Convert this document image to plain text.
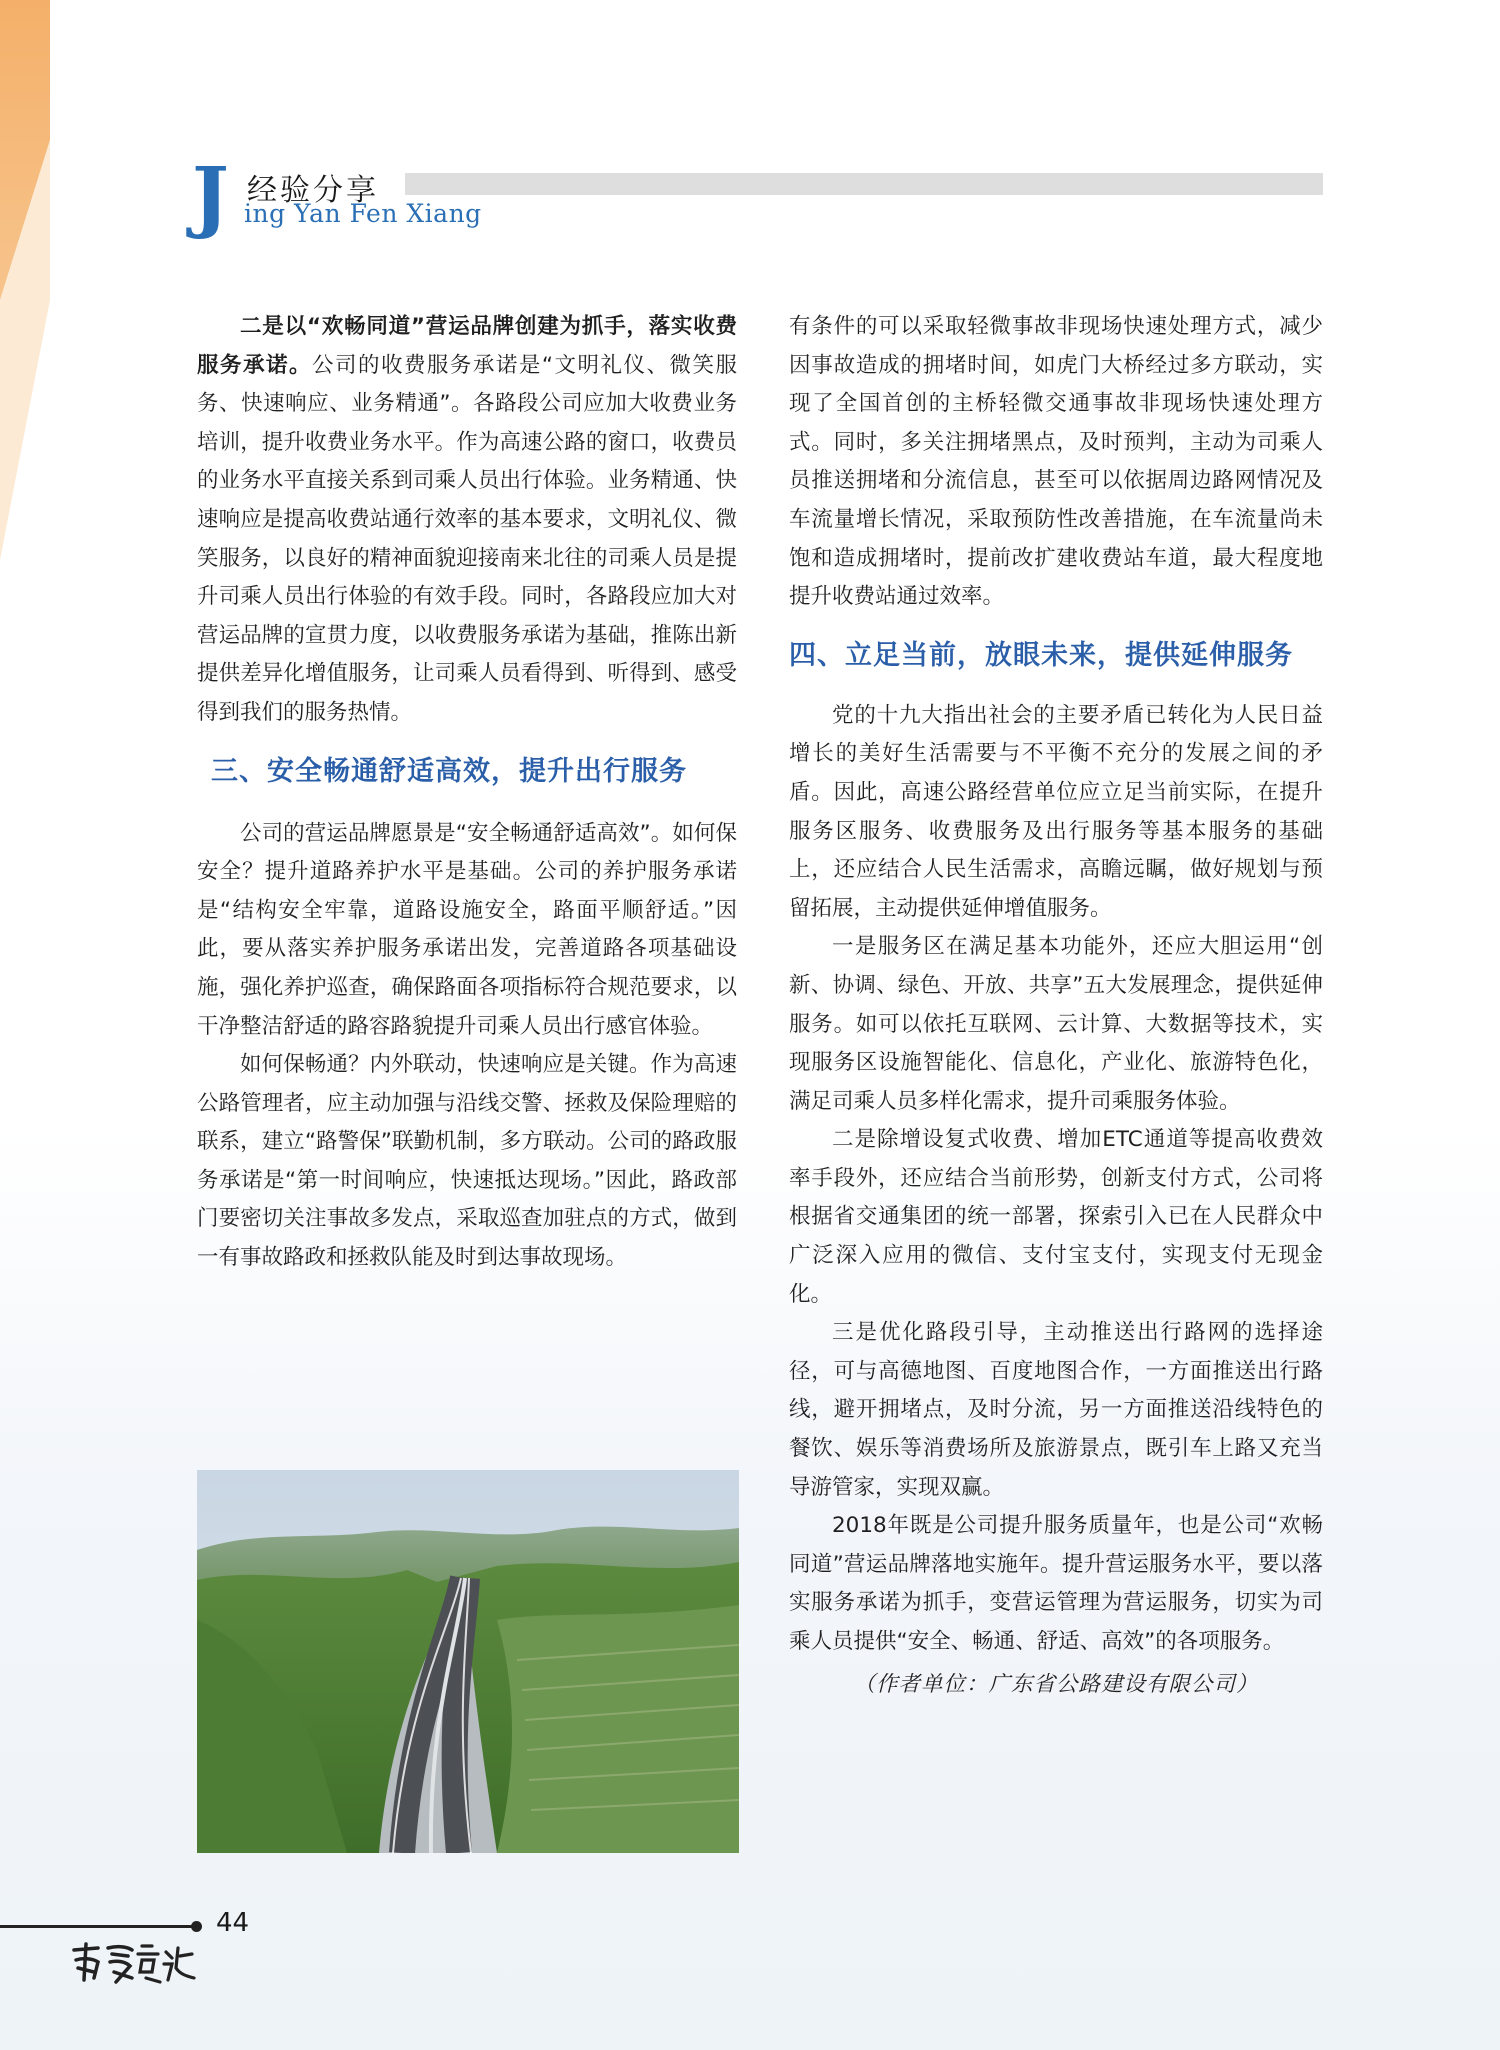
J 经验分享
ing Yan Fen Xiang

二是以“欢畅同道”营运品牌创建为抓手，落实收费服务承诺。公司的收费服务承诺是“文明礼仪、微笑服务、快速响应、业务精通”。各路段公司应加大收费业务培训，提升收费业务水平。作为高速公路的窗口，收费员的业务水平直接关系到司乘人员出行体验。业务精通、快速响应是提高收费站通行效率的基本要求，文明礼仪、微笑服务，以良好的精神面貌迎接南来北往的司乘人员是提升司乘人员出行体验的有效手段。同时，各路段应加大对营运品牌的宣贯力度，以收费服务承诺为基础，推陈出新提供差异化增值服务，让司乘人员看得到、听得到、感受得到我们的服务热情。

三、安全畅通舒适高效，提升出行服务

公司的营运品牌愿景是“安全畅通舒适高效”。如何保安全？提升道路养护水平是基础。公司的养护服务承诺是“结构安全牢靠，道路设施安全，路面平顺舒适。”因此，要从落实养护服务承诺出发，完善道路各项基础设施，强化养护巡查，确保路面各项指标符合规范要求，以干净整洁舒适的路容路貌提升司乘人员出行感官体验。

如何保畅通？内外联动，快速响应是关键。作为高速公路管理者，应主动加强与沿线交警、拯救及保险理赔的联系，建立“路警保”联勤机制，多方联动。公司的路政服务承诺是“第一时间响应，快速抵达现场。”因此，路政部门要密切关注事故多发点，采取巡查加驻点的方式，做到一有事故路政和拯救队能及时到达事故现场。

有条件的可以采取轻微事故非现场快速处理方式，减少因事故造成的拥堵时间，如虎门大桥经过多方联动，实现了全国首创的主桥轻微交通事故非现场快速处理方式。同时，多关注拥堵黑点，及时预判，主动为司乘人员推送拥堵和分流信息，甚至可以依据周边路网情况及车流量增长情况，采取预防性改善措施，在车流量尚未饱和造成拥堵时，提前改扩建收费站车道，最大程度地提升收费站通过效率。

四、立足当前，放眼未来，提供延伸服务

党的十九大指出社会的主要矛盾已转化为人民日益增长的美好生活需要与不平衡不充分的发展之间的矛盾。因此，高速公路经营单位应立足当前实际，在提升服务区服务、收费服务及出行服务等基本服务的基础上，还应结合人民生活需求，高瞻远瞩，做好规划与预留拓展，主动提供延伸增值服务。

一是服务区在满足基本功能外，还应大胆运用“创新、协调、绿色、开放、共享”五大发展理念，提供延伸服务。如可以依托互联网、云计算、大数据等技术，实现服务区设施智能化、信息化，产业化、旅游特色化，满足司乘人员多样化需求，提升司乘服务体验。

二是除增设复式收费、增加ETC通道等提高收费效率手段外，还应结合当前形势，创新支付方式，公司将根据省交通集团的统一部署，探索引入已在人民群众中广泛深入应用的微信、支付宝支付，实现支付无现金化。

三是优化路段引导，主动推送出行路网的选择途径，可与高德地图、百度地图合作，一方面推送出行路线，避开拥堵点，及时分流，另一方面推送沿线特色的餐饮、娱乐等消费场所及旅游景点，既引车上路又充当导游管家，实现双赢。

2018年既是公司提升服务质量年，也是公司“欢畅同道”营运品牌落地实施年。提升营运服务水平，要以落实服务承诺为抓手，变营运管理为营运服务，切实为司乘人员提供“安全、畅通、舒适、高效”的各项服务。

（作者单位：广东省公路建设有限公司）

44
